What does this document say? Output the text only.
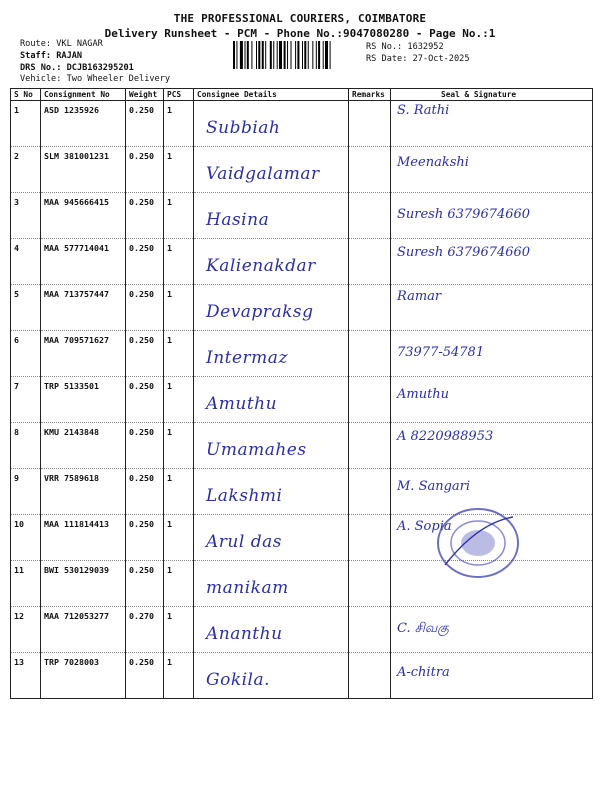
THE PROFESSIONAL COURIERS, COIMBATORE
Delivery Runsheet - PCM - Phone No.:9047080280 - Page No.:1
Route: VKL NAGAR
Staff: RAJAN
DRS No.: DCJB163295201
Vehicle: Two Wheeler Delivery
RS No.: 1632952
RS Date: 27-Oct-2025
S No	Consignment No	Weight	PCS	Consignee Details	Remarks	Seal & Signature
1	ASD 1235926	0.250	1	Subbiah		S. Rathi

2	SLM 381001231	0.250	1	Vaidgalamar		Meenakshi

3	MAA 945666415	0.250	1	Hasina		Suresh 6379674660

4	MAA 577714041	0.250	1	Kalienakdar		Suresh 6379674660

5	MAA 713757447	0.250	1	Devapraksg		Ramar

6	MAA 709571627	0.250	1	Intermaz		73977-54781

7	TRP 5133501	0.250	1	Amuthu		Amuthu

8	KMU 2143848	0.250	1	Umamahes		A 8220988953

9	VRR 7589618	0.250	1	Lakshmi		M. Sangari

10	MAA 111814413	0.250	1	Arul das		A. Sopia

11	BWI 530129039	0.250	1	manikam		

12	MAA 712053277	0.270	1	Ananthu		C. சிவகு

13	TRP 7028003	0.250	1	Gokila.		A-chitra
